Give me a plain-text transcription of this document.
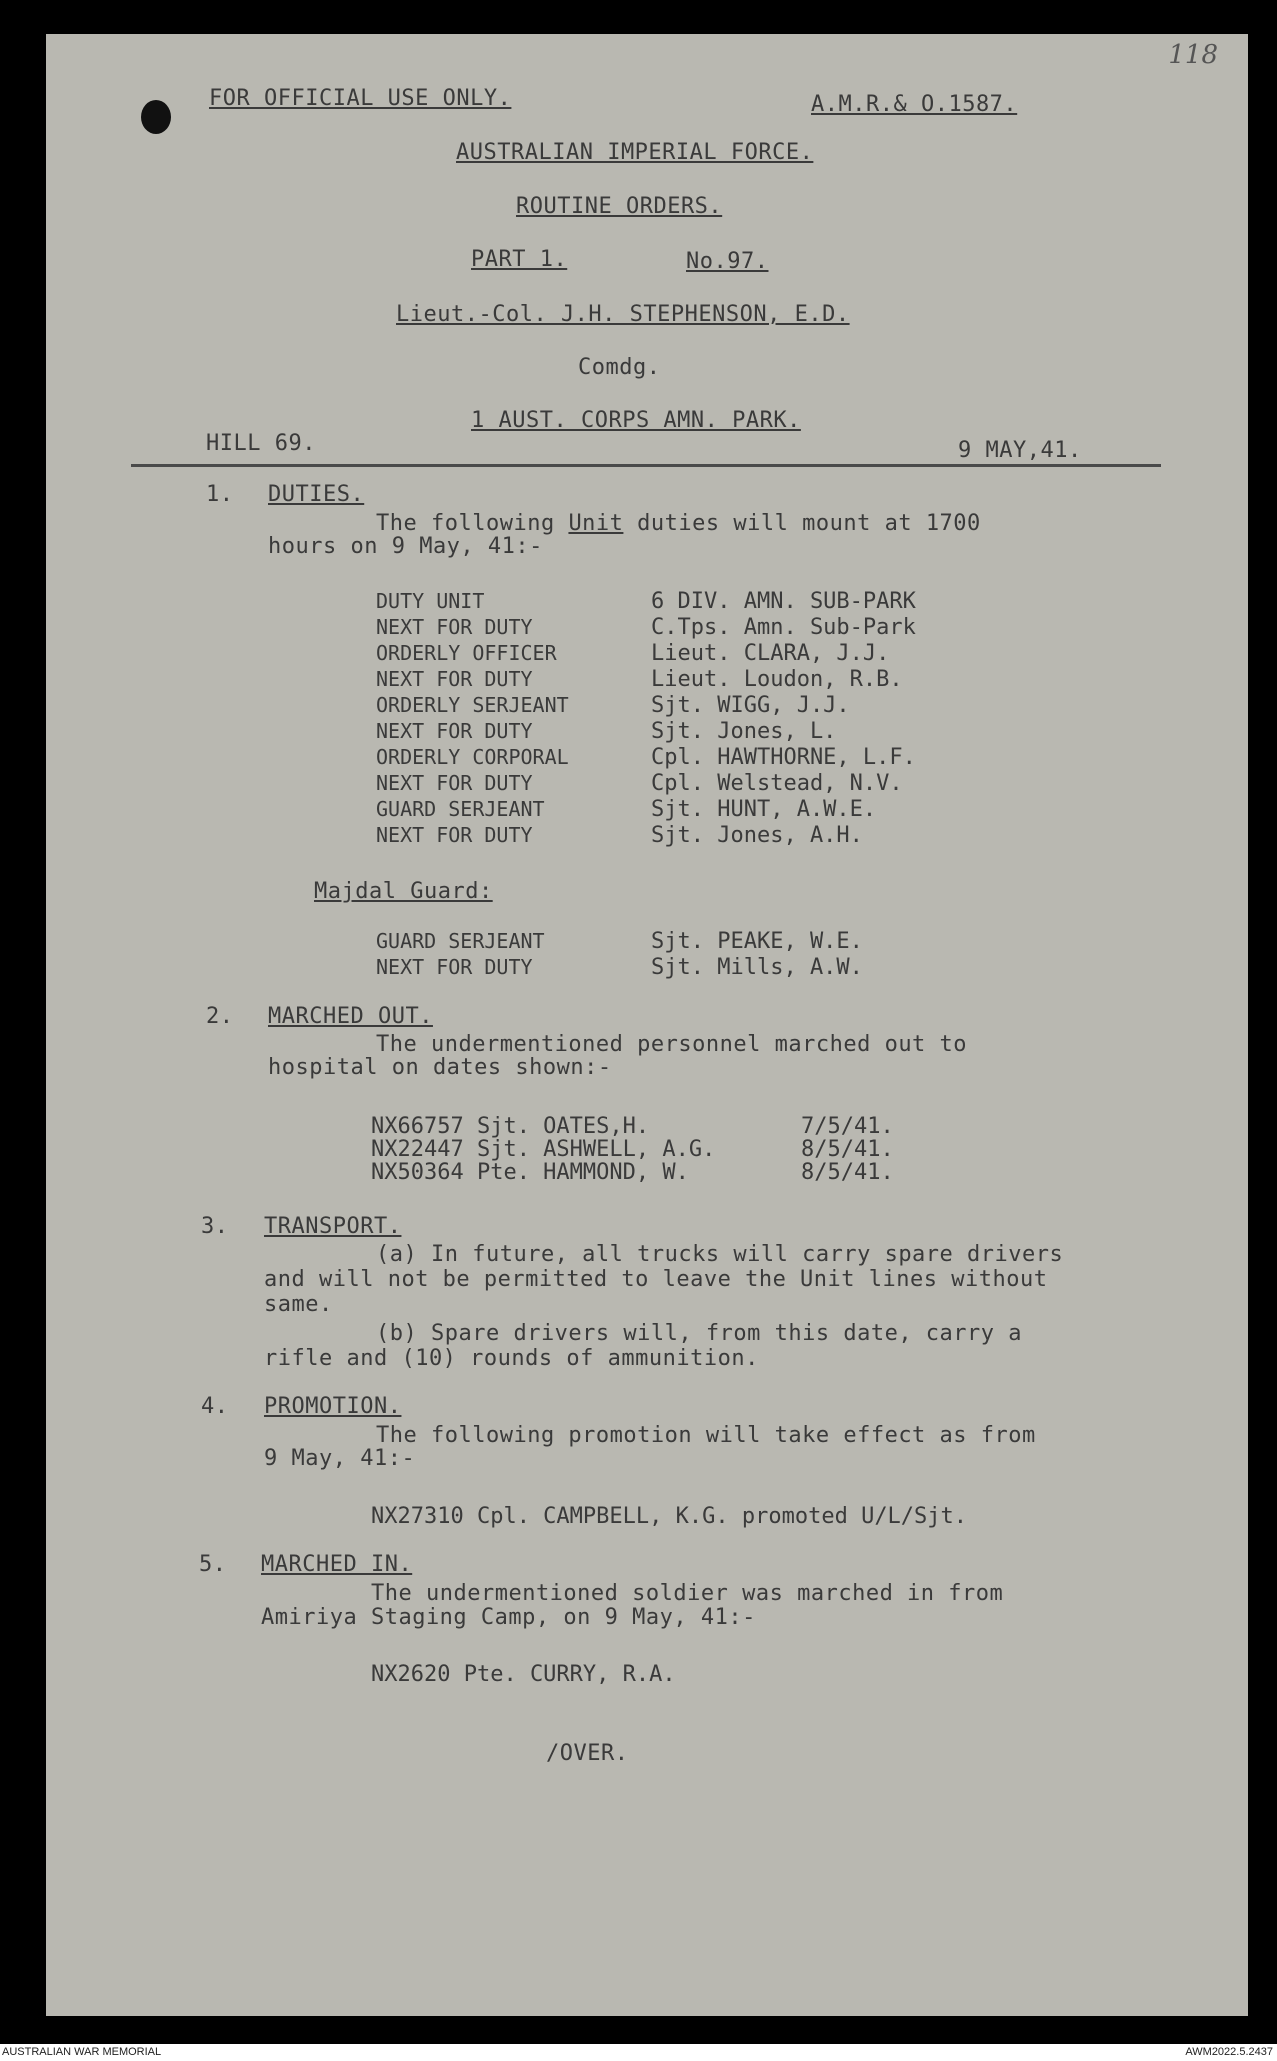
118
FOR OFFICIAL USE ONLY.	A.M.R.& O.1587.
AUSTRALIAN IMPERIAL FORCE.
ROUTINE ORDERS.
PART 1.	No.97.
Lieut.-Col. J.H. STEPHENSON, E.D.
Comdg.
1 AUST. CORPS AMN. PARK.
HILL 69.	9 MAY,41.
1. DUTIES.
The following Unit duties will mount at 1700
hours on 9 May, 41:-
DUTY UNIT	6 DIV. AMN. SUB-PARK
NEXT FOR DUTY	C.Tps. Amn. Sub-Park
ORDERLY OFFICER	Lieut. CLARA, J.J.
NEXT FOR DUTY	Lieut. Loudon, R.B.
ORDERLY SERJEANT	Sjt. WIGG, J.J.
NEXT FOR DUTY	Sjt. Jones, L.
ORDERLY CORPORAL	Cpl. HAWTHORNE, L.F.
NEXT FOR DUTY	Cpl. Welstead, N.V.
GUARD SERJEANT	Sjt. HUNT, A.W.E.
NEXT FOR DUTY	Sjt. Jones, A.H.
Majdal Guard:
GUARD SERJEANT	Sjt. PEAKE, W.E.
NEXT FOR DUTY	Sjt. Mills, A.W.
2. MARCHED OUT.
The undermentioned personnel marched out to
hospital on dates shown:-
NX66757 Sjt. OATES,H.	7/5/41.
NX22447 Sjt. ASHWELL, A.G.	8/5/41.
NX50364 Pte. HAMMOND, W.	8/5/41.
3. TRANSPORT.
(a) In future, all trucks will carry spare drivers
and will not be permitted to leave the Unit lines without
same.
(b) Spare drivers will, from this date, carry a
rifle and (10) rounds of ammunition.
4. PROMOTION.
The following promotion will take effect as from
9 May, 41:-
NX27310 Cpl. CAMPBELL, K.G. promoted U/L/Sjt.
5. MARCHED IN.
The undermentioned soldier was marched in from
Amiriya Staging Camp, on 9 May, 41:-
NX2620 Pte. CURRY, R.A.
/OVER.
AUSTRALIAN WAR MEMORIAL	AWM2022.5.2437
